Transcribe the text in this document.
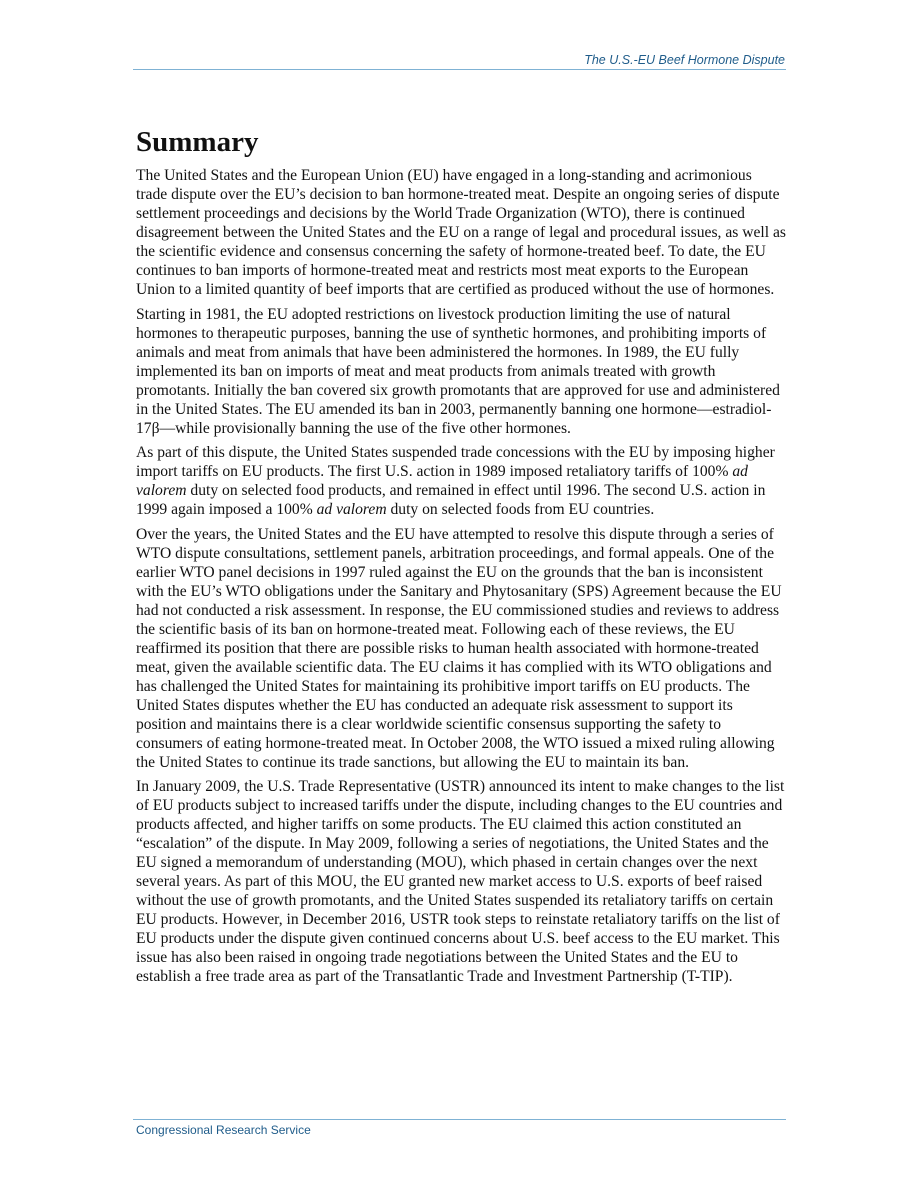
The U.S.-EU Beef Hormone Dispute
Summary

The United States and the European Union (EU) have engaged in a long-standing and acrimonious trade dispute over the EU’s decision to ban hormone-treated meat. Despite an ongoing series of dispute settlement proceedings and decisions by the World Trade Organization (WTO), there is continued disagreement between the United States and the EU on a range of legal and procedural issues, as well as the scientific evidence and consensus concerning the safety of hormone-treated beef. To date, the EU continues to ban imports of hormone-treated meat and restricts most meat exports to the European Union to a limited quantity of beef imports that are certified as produced without the use of hormones.

Starting in 1981, the EU adopted restrictions on livestock production limiting the use of natural hormones to therapeutic purposes, banning the use of synthetic hormones, and prohibiting imports of animals and meat from animals that have been administered the hormones. In 1989, the EU fully implemented its ban on imports of meat and meat products from animals treated with growth promotants. Initially the ban covered six growth promotants that are approved for use and administered in the United States. The EU amended its ban in 2003, permanently banning one hormone—estradiol-17β—while provisionally banning the use of the five other hormones.

As part of this dispute, the United States suspended trade concessions with the EU by imposing higher import tariffs on EU products. The first U.S. action in 1989 imposed retaliatory tariffs of 100% ad valorem duty on selected food products, and remained in effect until 1996. The second U.S. action in 1999 again imposed a 100% ad valorem duty on selected foods from EU countries.

Over the years, the United States and the EU have attempted to resolve this dispute through a series of WTO dispute consultations, settlement panels, arbitration proceedings, and formal appeals. One of the earlier WTO panel decisions in 1997 ruled against the EU on the grounds that the ban is inconsistent with the EU’s WTO obligations under the Sanitary and Phytosanitary (SPS) Agreement because the EU had not conducted a risk assessment. In response, the EU commissioned studies and reviews to address the scientific basis of its ban on hormone-treated meat. Following each of these reviews, the EU reaffirmed its position that there are possible risks to human health associated with hormone-treated meat, given the available scientific data. The EU claims it has complied with its WTO obligations and has challenged the United States for maintaining its prohibitive import tariffs on EU products. The United States disputes whether the EU has conducted an adequate risk assessment to support its position and maintains there is a clear worldwide scientific consensus supporting the safety to consumers of eating hormone-treated meat. In October 2008, the WTO issued a mixed ruling allowing the United States to continue its trade sanctions, but allowing the EU to maintain its ban.

In January 2009, the U.S. Trade Representative (USTR) announced its intent to make changes to the list of EU products subject to increased tariffs under the dispute, including changes to the EU countries and products affected, and higher tariffs on some products. The EU claimed this action constituted an “escalation” of the dispute. In May 2009, following a series of negotiations, the United States and the EU signed a memorandum of understanding (MOU), which phased in certain changes over the next several years. As part of this MOU, the EU granted new market access to U.S. exports of beef raised without the use of growth promotants, and the United States suspended its retaliatory tariffs on certain EU products. However, in December 2016, USTR took steps to reinstate retaliatory tariffs on the list of EU products under the dispute given continued concerns about U.S. beef access to the EU market. This issue has also been raised in ongoing trade negotiations between the United States and the EU to establish a free trade area as part of the Transatlantic Trade and Investment Partnership (T-TIP).

Congressional Research Service
